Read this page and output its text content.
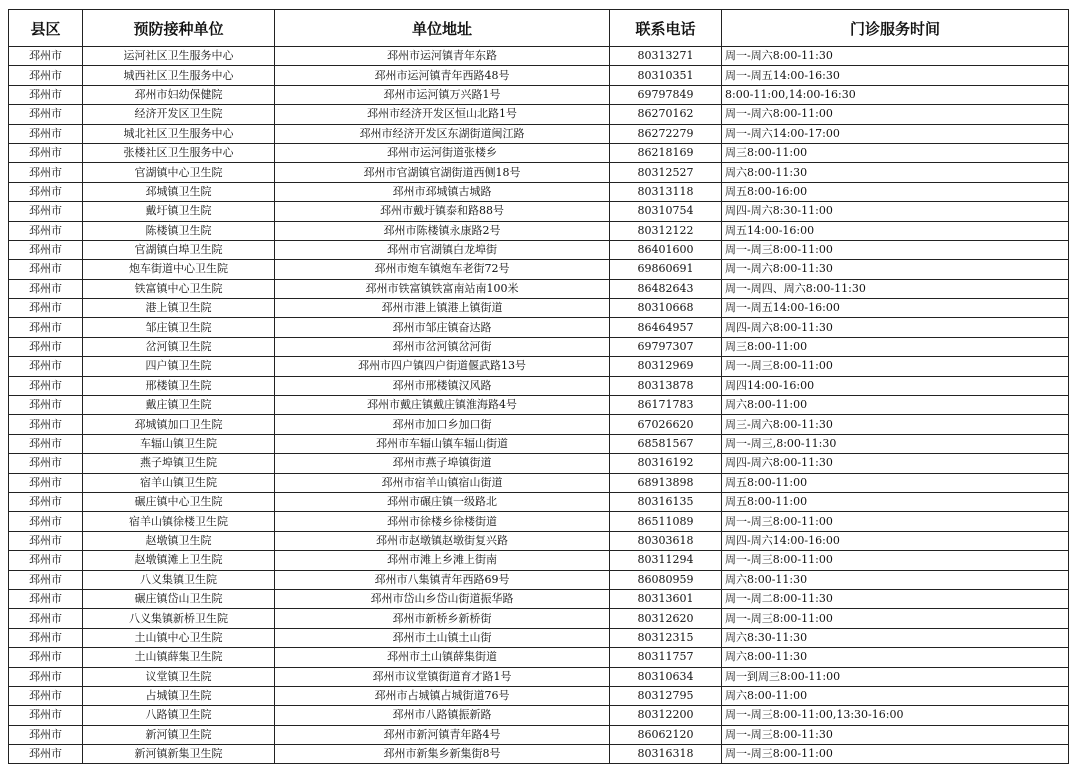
县区	预防接种单位	单位地址	联系电话	门诊服务时间
邳州市	运河社区卫生服务中心	邳州市运河镇青年东路	80313271	周一-周六8:00-11:30
邳州市	城西社区卫生服务中心	邳州市运河镇青年西路48号	80310351	周一-周五14:00-16:30
邳州市	邳州市妇幼保健院	邳州市运河镇万兴路1号	69797849	8:00-11:00,14:00-16:30
邳州市	经济开发区卫生院	邳州市经济开发区恒山北路1号	86270162	周一-周六8:00-11:00
邳州市	城北社区卫生服务中心	邳州市经济开发区东湖街道闽江路	86272279	周一-周六14:00-17:00
邳州市	张楼社区卫生服务中心	邳州市运河街道张楼乡	86218169	周三8:00-11:00
邳州市	官湖镇中心卫生院	邳州市官湖镇官湖街道西侧18号	80312527	周六8:00-11:30
邳州市	邳城镇卫生院	邳州市邳城镇古城路	80313118	周五8:00-16:00
邳州市	戴圩镇卫生院	邳州市戴圩镇泰和路88号	80310754	周四-周六8:30-11:00
邳州市	陈楼镇卫生院	邳州市陈楼镇永康路2号	80312122	周五14:00-16:00
邳州市	官湖镇白埠卫生院	邳州市官湖镇白龙埠街	86401600	周一-周三8:00-11:00
邳州市	炮车街道中心卫生院	邳州市炮车镇炮车老街72号	69860691	周一-周六8:00-11:30
邳州市	铁富镇中心卫生院	邳州市铁富镇铁富南站南100米	86482643	周一-周四、周六8:00-11:30
邳州市	港上镇卫生院	邳州市港上镇港上镇街道	80310668	周一-周五14:00-16:00
邳州市	邹庄镇卫生院	邳州市邹庄镇奋达路	86464957	周四-周六8:00-11:30
邳州市	岔河镇卫生院	邳州市岔河镇岔河街	69797307	周三8:00-11:00
邳州市	四户镇卫生院	邳州市四户镇四户街道偃武路13号	80312969	周一-周三8:00-11:00
邳州市	邢楼镇卫生院	邳州市邢楼镇汉风路	80313878	周四14:00-16:00
邳州市	戴庄镇卫生院	邳州市戴庄镇戴庄镇淮海路4号	86171783	周六8:00-11:00
邳州市	邳城镇加口卫生院	邳州市加口乡加口街	67026620	周三-周六8:00-11:30
邳州市	车辐山镇卫生院	邳州市车辐山镇车辐山街道	68581567	周一-周三,8:00-11:30
邳州市	燕子埠镇卫生院	邳州市燕子埠镇街道	80316192	周四-周六8:00-11:30
邳州市	宿羊山镇卫生院	邳州市宿羊山镇宿山街道	68913898	周五8:00-11:00
邳州市	碾庄镇中心卫生院	邳州市碾庄镇一级路北	80316135	周五8:00-11:00
邳州市	宿羊山镇徐楼卫生院	邳州市徐楼乡徐楼街道	86511089	周一-周三8:00-11:00
邳州市	赵墩镇卫生院	邳州市赵墩镇赵墩街复兴路	80303618	周四-周六14:00-16:00
邳州市	赵墩镇滩上卫生院	邳州市滩上乡滩上街南	80311294	周一-周三8:00-11:00
邳州市	八义集镇卫生院	邳州市八集镇青年西路69号	86080959	周六8:00-11:30
邳州市	碾庄镇岱山卫生院	邳州市岱山乡岱山街道振华路	80313601	周一-周二8:00-11:30
邳州市	八义集镇新桥卫生院	邳州市新桥乡新桥街	80312620	周一-周三8:00-11:00
邳州市	土山镇中心卫生院	邳州市土山镇土山街	80312315	周六8:30-11:30
邳州市	土山镇薛集卫生院	邳州市土山镇薛集街道	80311757	周六8:00-11:30
邳州市	议堂镇卫生院	邳州市议堂镇街道育才路1号	80310634	周一到周三8:00-11:00
邳州市	占城镇卫生院	邳州市占城镇占城街道76号	80312795	周六8:00-11:00
邳州市	八路镇卫生院	邳州市八路镇振新路	80312200	周一-周三8:00-11:00,13:30-16:00
邳州市	新河镇卫生院	邳州市新河镇青年路4号	86062120	周一-周三8:00-11:30
邳州市	新河镇新集卫生院	邳州市新集乡新集街8号	80316318	周一-周三8:00-11:00
